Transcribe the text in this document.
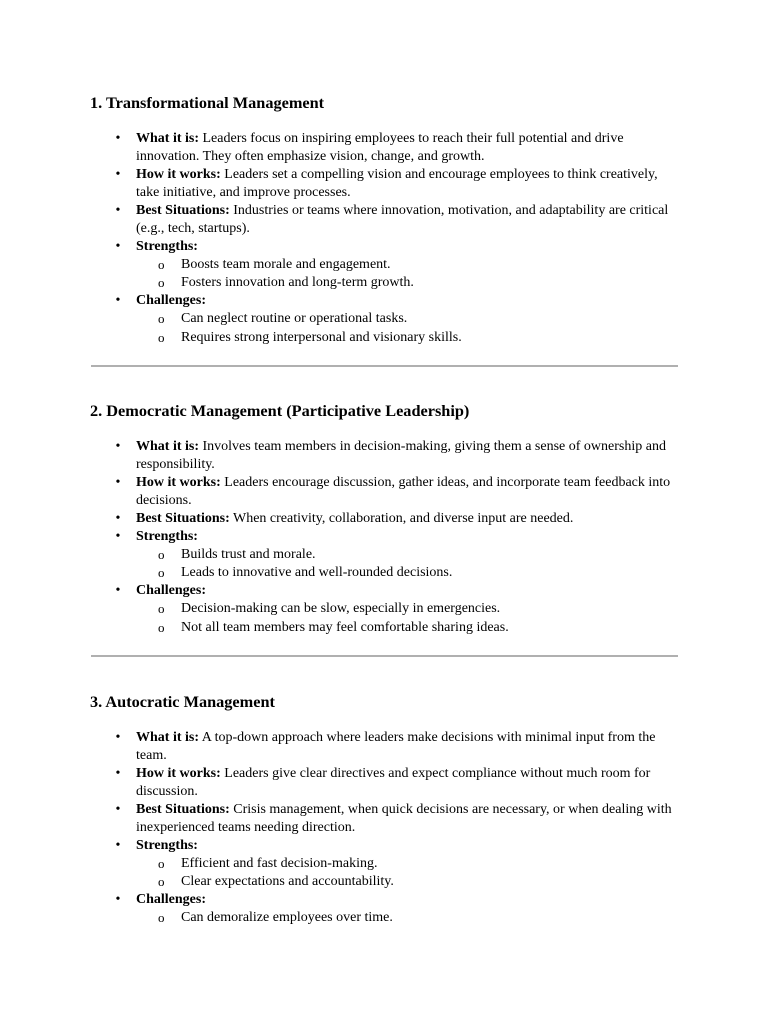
1. Transformational Management
• What it is: Leaders focus on inspiring employees to reach their full potential and drive innovation. They often emphasize vision, change, and growth.
• How it works: Leaders set a compelling vision and encourage employees to think creatively, take initiative, and improve processes.
• Best Situations: Industries or teams where innovation, motivation, and adaptability are critical (e.g., tech, startups).
• Strengths:
o Boosts team morale and engagement.
o Fosters innovation and long-term growth.
• Challenges:
o Can neglect routine or operational tasks.
o Requires strong interpersonal and visionary skills.
2. Democratic Management (Participative Leadership)
• What it is: Involves team members in decision-making, giving them a sense of ownership and responsibility.
• How it works: Leaders encourage discussion, gather ideas, and incorporate team feedback into decisions.
• Best Situations: When creativity, collaboration, and diverse input are needed.
• Strengths:
o Builds trust and morale.
o Leads to innovative and well-rounded decisions.
• Challenges:
o Decision-making can be slow, especially in emergencies.
o Not all team members may feel comfortable sharing ideas.
3. Autocratic Management
• What it is: A top-down approach where leaders make decisions with minimal input from the team.
• How it works: Leaders give clear directives and expect compliance without much room for discussion.
• Best Situations: Crisis management, when quick decisions are necessary, or when dealing with inexperienced teams needing direction.
• Strengths:
o Efficient and fast decision-making.
o Clear expectations and accountability.
• Challenges:
o Can demoralize employees over time.
